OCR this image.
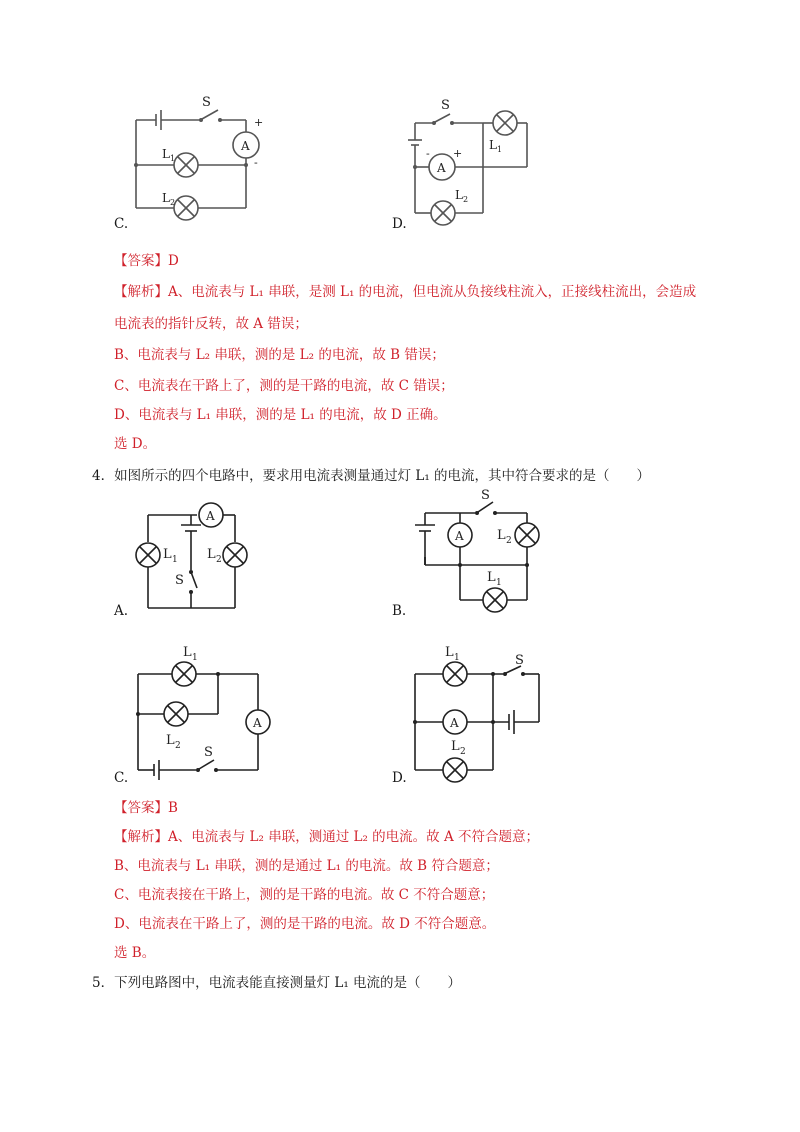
C.
A
+
-
L 1
L 2
S
D.
S
L 1
A
- +
L 2
【答案】D
【解析】A、电流表与 L₁ 串联，是测 L₁ 的电流，但电流从负接线柱流入，正接线柱流出，会造成
电流表的指针反转，故 A 错误；
B、电流表与 L₂ 串联，测的是 L₂ 的电流，故 B 错误；
C、电流表在干路上了，测的是干路的电流，故 C 错误；
D、电流表与 L₁ 串联，测的是 L₁ 的电流，故 D 正确。
选 D。
4．如图所示的四个电路中，要求用电流表测量通过灯 L₁ 的电流，其中符合要求的是（　　）
A.
A
L 1 L 2
S
B.
S
A	L 2
L 1
C.
L 1
L 2
A
S
D.
L 1	S
A
L 2
【答案】B
【解析】A、电流表与 L₂ 串联，测通过 L₂ 的电流。故 A 不符合题意；
B、电流表与 L₁ 串联，测的是通过 L₁ 的电流。故 B 符合题意；
C、电流表接在干路上，测的是干路的电流。故 C 不符合题意；
D、电流表在干路上了，测的是干路的电流。故 D 不符合题意。
选 B。
5．下列电路图中，电流表能直接测量灯 L₁ 电流的是（　　）
